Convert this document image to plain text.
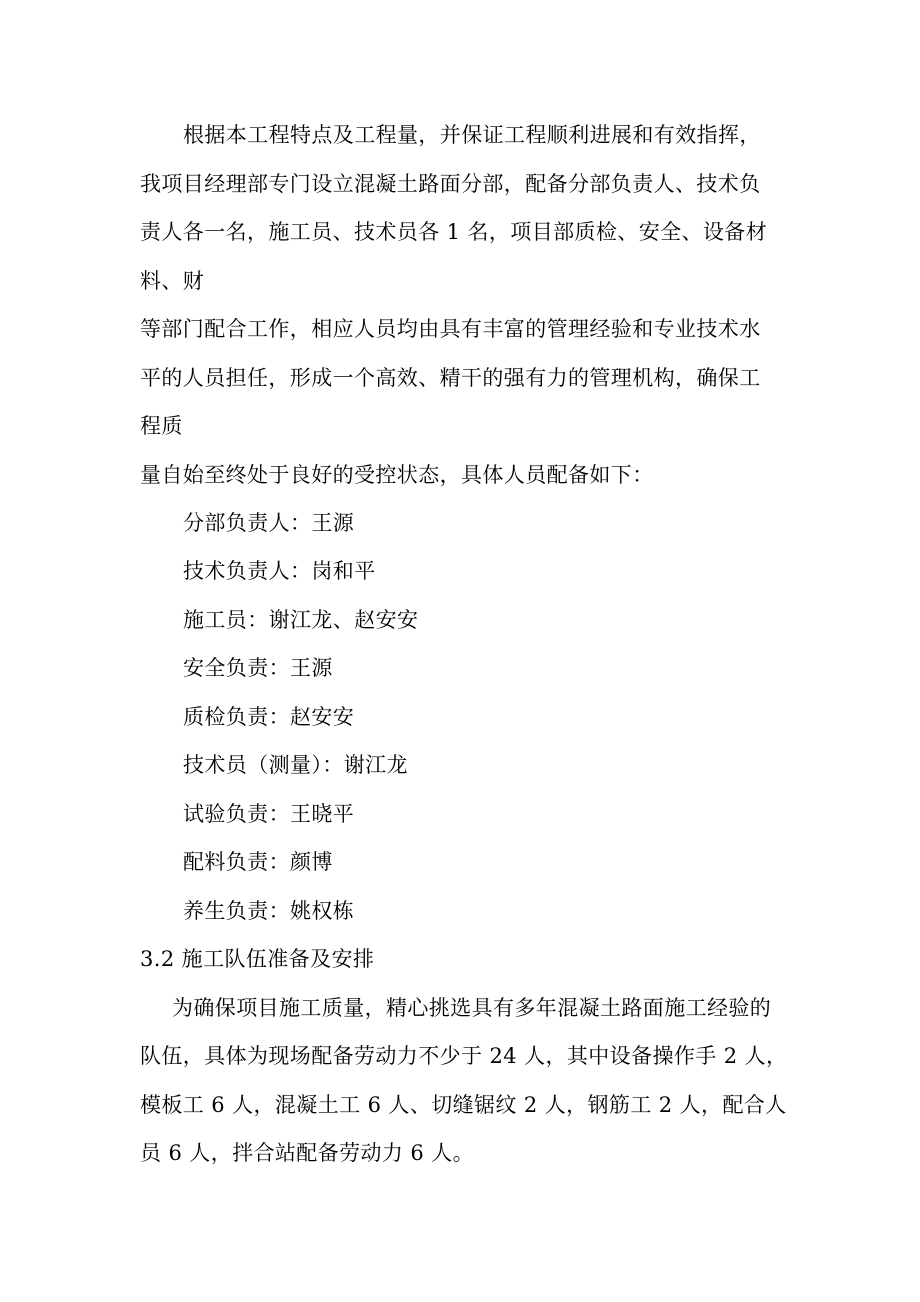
根据本工程特点及工程量，并保证工程顺利进展和有效指挥，
我项目经理部专门设立混凝土路面分部，配备分部负责人、技术负
责人各一名，施工员、技术员各 1 名，项目部质检、安全、设备材
料、财
等部门配合工作，相应人员均由具有丰富的管理经验和专业技术水
平的人员担任，形成一个高效、精干的强有力的管理机构，确保工
程质
量自始至终处于良好的受控状态，具体人员配备如下：
分部负责人：王源
技术负责人：岗和平
施工员：谢江龙、赵安安
安全负责：王源
质检负责：赵安安
技术员（测量）：谢江龙
试验负责：王晓平
配料负责：颜博
养生负责：姚权栋
3.2 施工队伍准备及安排
为确保项目施工质量，精心挑选具有多年混凝土路面施工经验的
队伍，具体为现场配备劳动力不少于 24 人，其中设备操作手 2 人，
模板工 6 人，混凝土工 6 人、切缝锯纹 2 人，钢筋工 2 人，配合人
员 6 人，拌合站配备劳动力 6 人。
